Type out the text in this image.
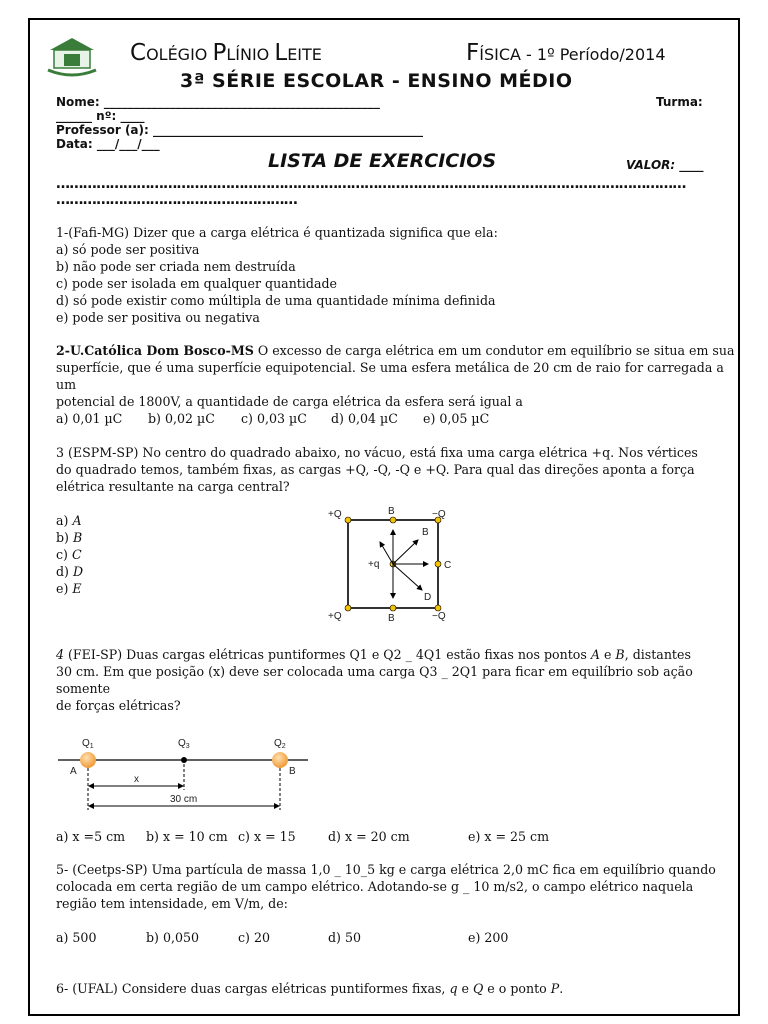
COLÉGIO PLÍNIO LEITE	FÍSICA - 1º Período/2014
3ª SÉRIE ESCOLAR - ENSINO MÉDIO
Nome: ______________________________________________	Turma:
______ nº: ____
Professor (a): _____________________________________________
Data: ___/___/___
LISTA DE EXERCICIOS	VALOR: ____
……………………………………………………………………………………………………………………………
………………………………………………

1-(Fafi-MG) Dizer que a carga elétrica é quantizada significa que ela:

a) só pode ser positiva

b) não pode ser criada nem destruída

c) pode ser isolada em qualquer quantidade

d) só pode existir como múltipla de uma quantidade mínima definida

e) pode ser positiva ou negativa

2-U.Católica Dom Bosco-MS O excesso de carga elétrica em um condutor em equilíbrio se situa em sua

superfície, que é uma superfície equipotencial. Se uma esfera metálica de 20 cm de raio for carregada a um

potencial de 1800V, a quantidade de carga elétrica da esfera será igual a

a) 0,01 µC	b) 0,02 µC	c) 0,03 µC	d) 0,04 µC	e) 0,05 µC

3 (ESPM-SP) No centro do quadrado abaixo, no vácuo, está fixa uma carga elétrica +q. Nos vértices

do quadrado temos, também fixas, as cargas +Q, -Q, -Q e +Q. Para qual das direções aponta a força

elétrica resultante na carga central?

a) A

b) B

c) C

d) D

e) E

+Q	−Q
+Q	−Q
B
B
C
D
B
+q

4 (FEI-SP) Duas cargas elétricas puntiformes Q1 e Q2 _ 4Q1 estão fixas nos pontos A e B, distantes

30 cm. Em que posição (x) deve ser colocada uma carga Q3 _ 2Q1 para ficar em equilíbrio sob ação somente

de forças elétricas?

$Q_1$	$Q_3$	$Q_2$
A	B
x
30 cm
a) x =5 cm	b) x = 10 cm c) x = 15	d) x = 20 cm	e) x = 25 cm

5- (Ceetps-SP) Uma partícula de massa 1,0 _ 10_5 kg e carga elétrica 2,0 mC fica em equilíbrio quando

colocada em certa região de um campo elétrico. Adotando-se g _ 10 m/s2, o campo elétrico naquela

região tem intensidade, em V/m, de:

a) 500	b) 0,050	c) 20	d) 50	e) 200

6- (UFAL) Considere duas cargas elétricas puntiformes fixas, q e Q e o ponto P.
